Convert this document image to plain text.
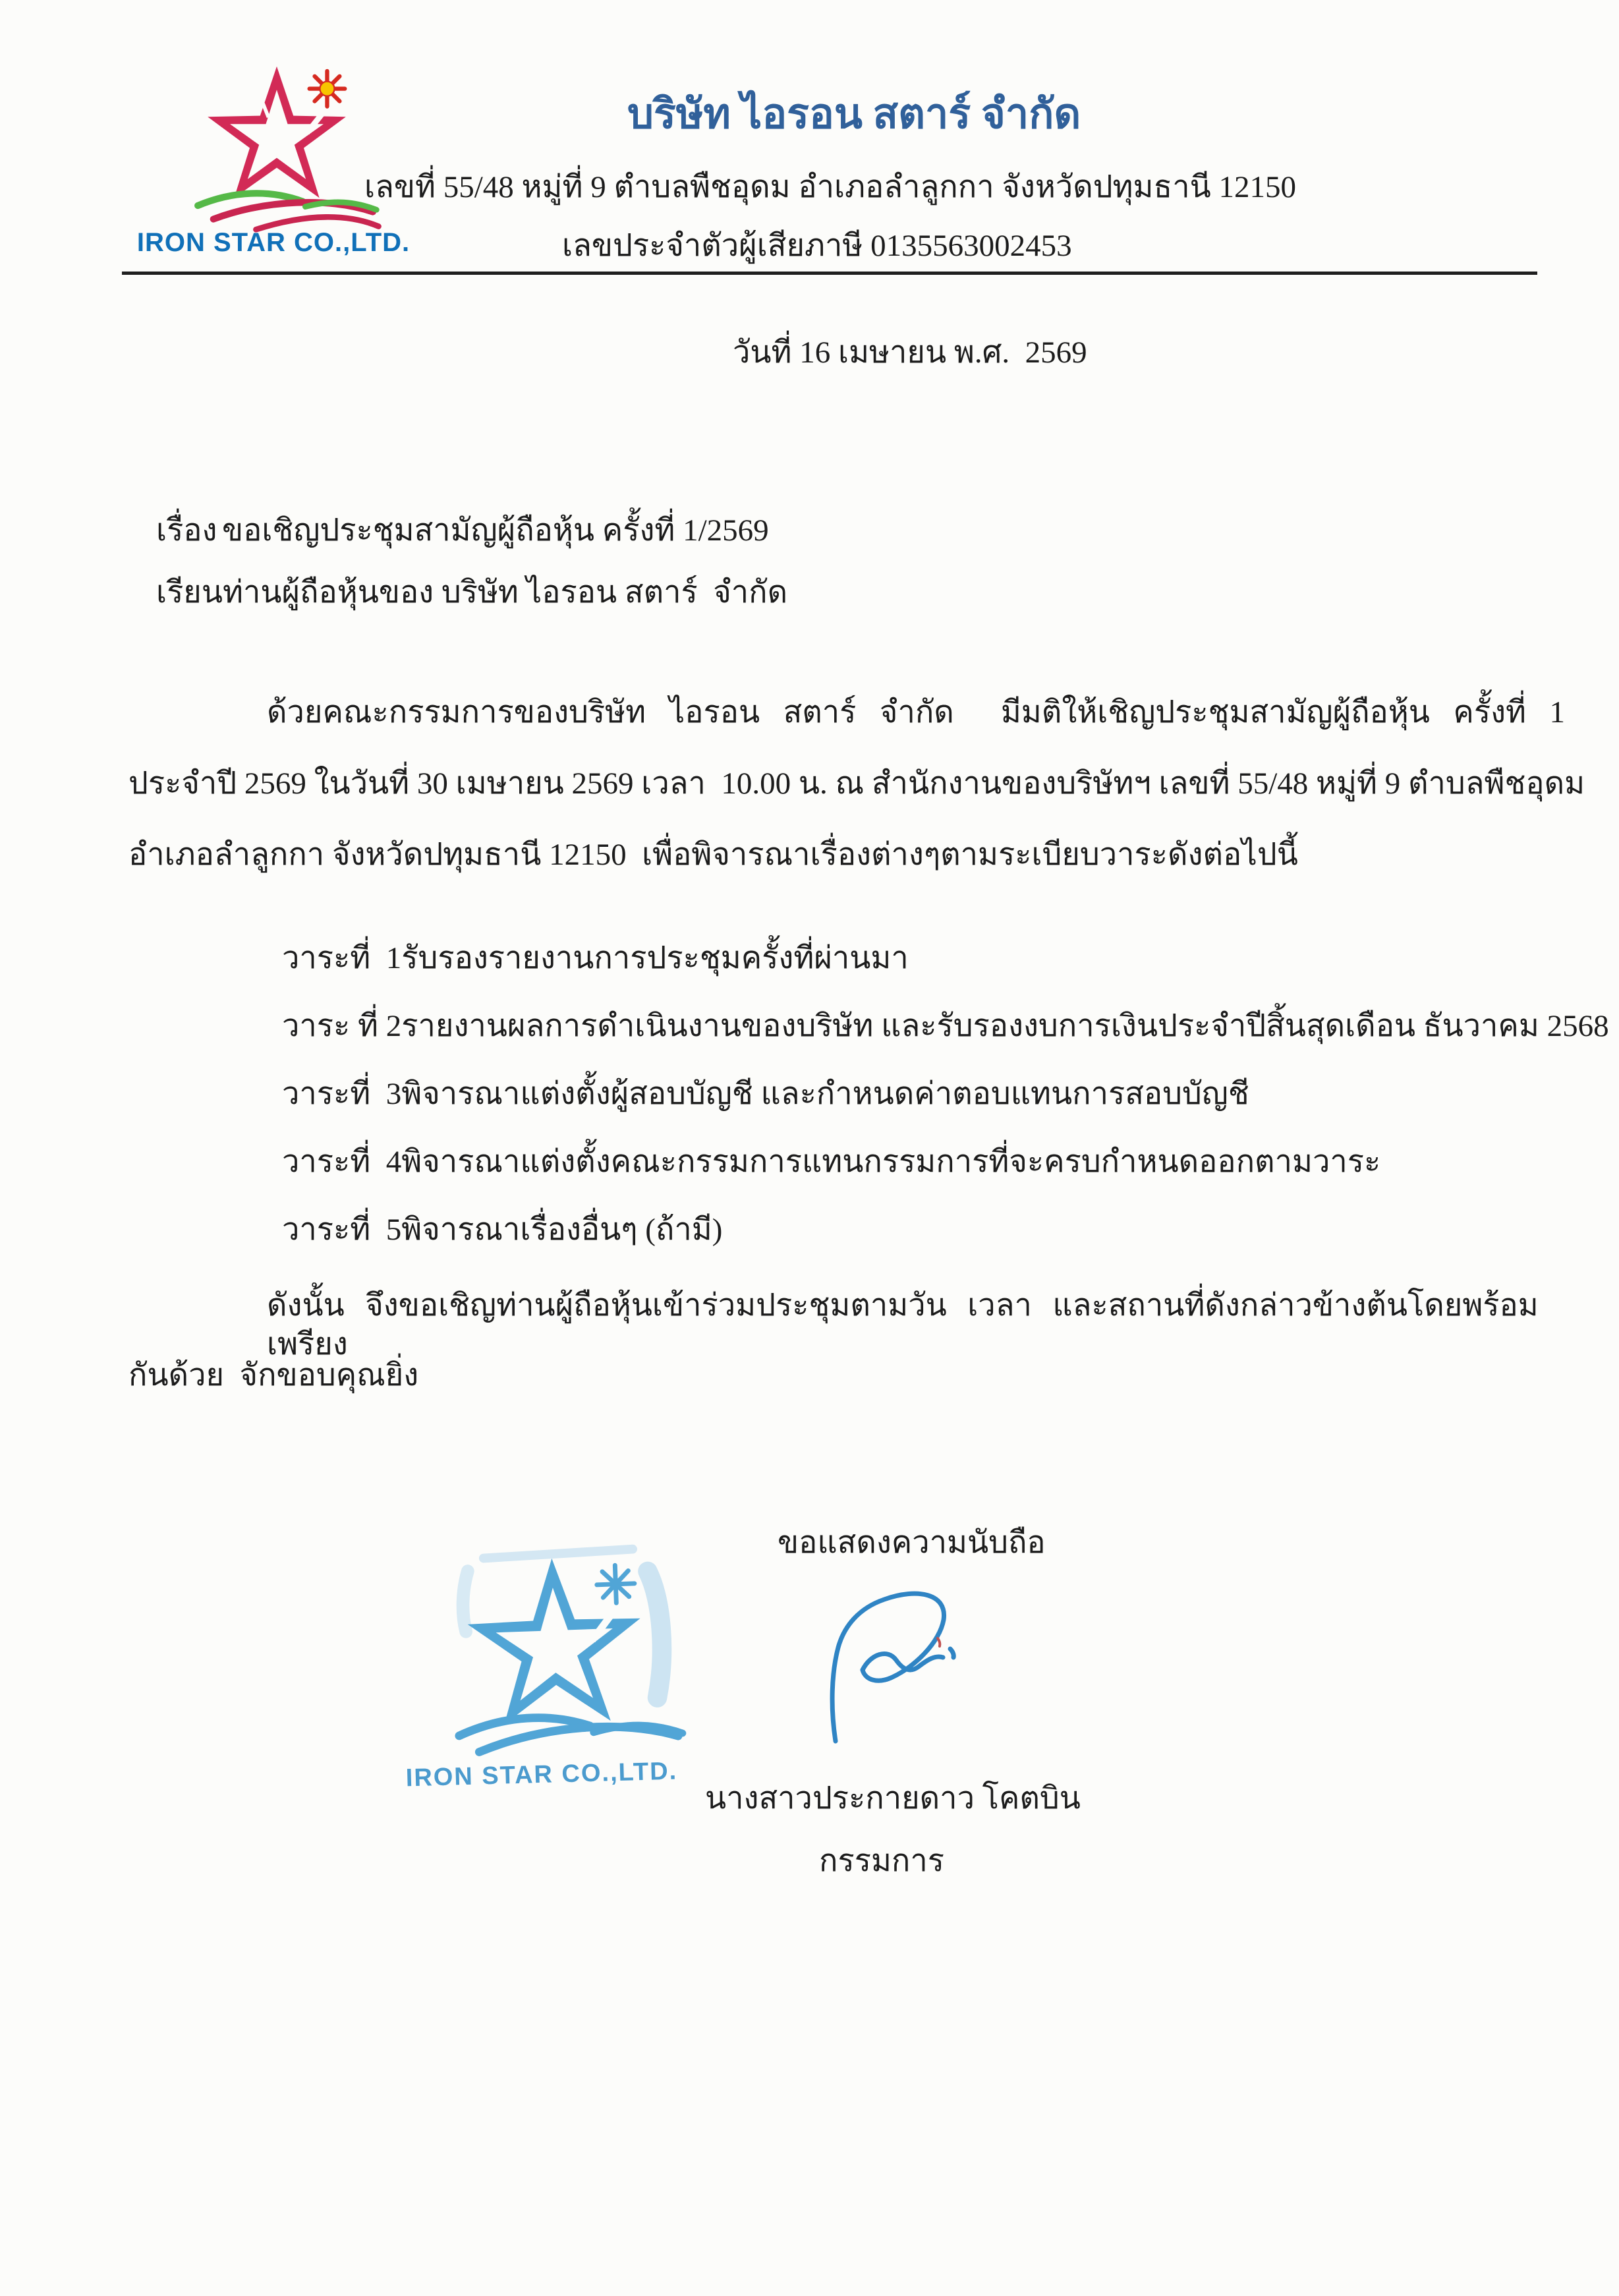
IRON STAR CO.,LTD.
บริษัท ไอรอน สตาร์ จำกัด
เลขที่ 55/48 หมู่ที่ 9 ตำบลพืชอุดม อำเภอลำลูกกา จังหวัดปทุมธานี 12150
เลขประจำตัวผู้เสียภาษี 0135563002453
วันที่ 16 เมษายน พ.ศ.  2569
เรื่อง ขอเชิญประชุมสามัญผู้ถือหุ้น ครั้งที่ 1/2569
เรียน ท่านผู้ถือหุ้นของ บริษัท ไอรอน สตาร์  จำกัด
ด้วยคณะกรรมการของบริษัท  ไอรอน  สตาร์  จำกัด    มีมติให้เชิญประชุมสามัญผู้ถือหุ้น  ครั้งที่  1
ประจำปี 2569 ในวันที่ 30 เมษายน 2569 เวลา  10.00 น. ณ สำนักงานของบริษัทฯ เลขที่ 55/48 หมู่ที่ 9 ตำบลพืชอุดม
อำเภอลำลูกกา จังหวัดปทุมธานี 12150  เพื่อพิจารณาเรื่องต่างๆตามระเบียบวาระดังต่อไปนี้
วาระที่  1 รับรองรายงานการประชุมครั้งที่ผ่านมา
วาระ ที่ 2 รายงานผลการดำเนินงานของบริษัท และรับรองงบการเงินประจำปีสิ้นสุดเดือน ธันวาคม 2568
วาระที่  3 พิจารณาแต่งตั้งผู้สอบบัญชี และกำหนดค่าตอบแทนการสอบบัญชี
วาระที่  4 พิจารณาแต่งตั้งคณะกรรมการแทนกรรมการที่จะครบกำหนดออกตามวาระ
วาระที่  5 พิจารณาเรื่องอื่นๆ (ถ้ามี)
ดังนั้น  จึงขอเชิญท่านผู้ถือหุ้นเข้าร่วมประชุมตามวัน  เวลา  และสถานที่ดังกล่าวข้างต้นโดยพร้อมเพรียง
กันด้วย  จักขอบคุณยิ่ง
ขอแสดงความนับถือ
IRON STAR CO.,LTD.
นางสาวประกายดาว โคตบิน
กรรมการ
